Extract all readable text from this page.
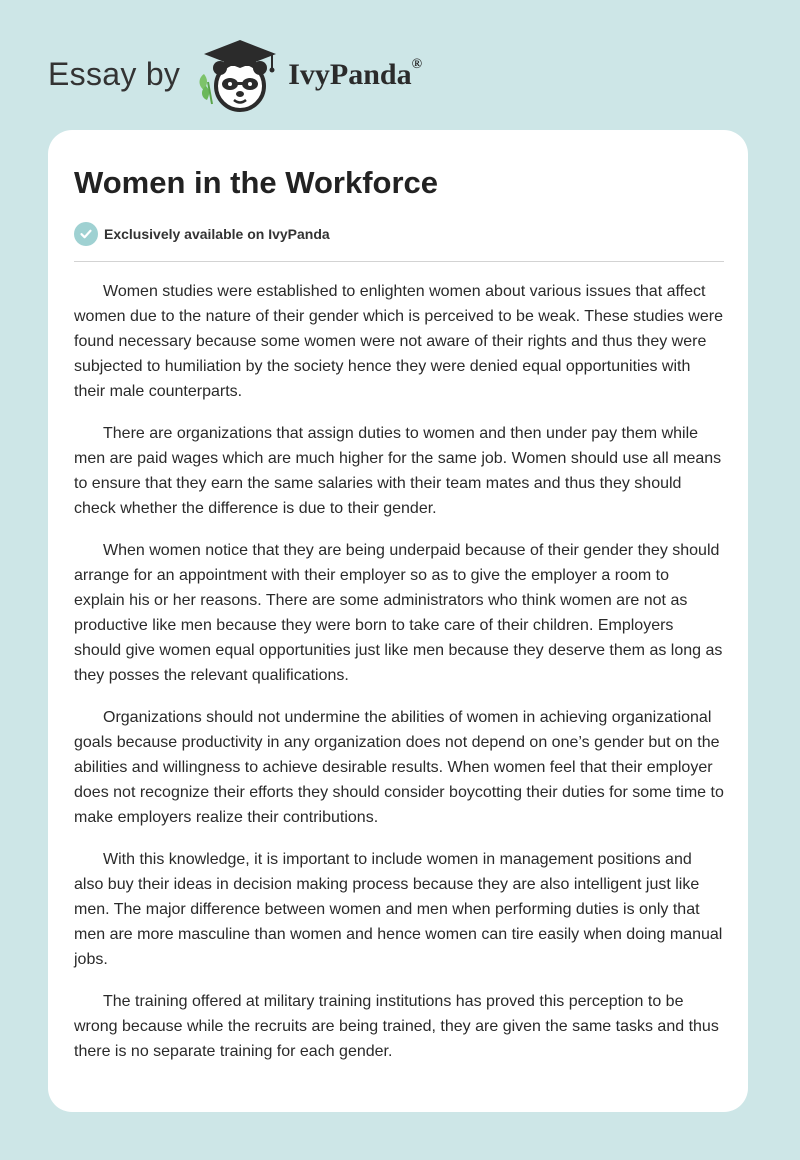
Essay by	IvyPanda®
Women in the Workforce
Exclusively available on IvyPanda

Women studies were established to enlighten women about various issues that affect women due to the nature of their gender which is perceived to be weak. These studies were found necessary because some women were not aware of their rights and thus they were subjected to humiliation by the society hence they were denied equal opportunities with their male counterparts.

There are organizations that assign duties to women and then under pay them while men are paid wages which are much higher for the same job. Women should use all means to ensure that they earn the same salaries with their team mates and thus they should check whether the difference is due to their gender.

When women notice that they are being underpaid because of their gender they should arrange for an appointment with their employer so as to give the employer a room to explain his or her reasons. There are some administrators who think women are not as productive like men because they were born to take care of their children. Employers should give women equal opportunities just like men because they deserve them as long as they posses the relevant qualifications.

Organizations should not undermine the abilities of women in achieving organizational goals because productivity in any organization does not depend on one’s gender but on the abilities and willingness to achieve desirable results. When women feel that their employer does not recognize their efforts they should consider boycotting their duties for some time to make employers realize their contributions.

With this knowledge, it is important to include women in management positions and also buy their ideas in decision making process because they are also intelligent just like men. The major difference between women and men when performing duties is only that men are more masculine than women and hence women can tire easily when doing manual jobs.

The training offered at military training institutions has proved this perception to be wrong because while the recruits are being trained, they are given the same tasks and thus there is no separate training for each gender.
